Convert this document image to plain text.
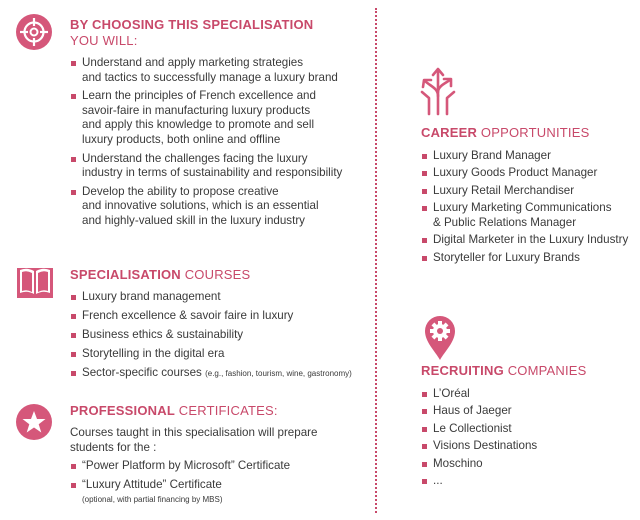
BY CHOOSING THIS SPECIALISATION
YOU WILL:
Understand and apply marketing strategies
and tactics to successfully manage a luxury brand
Learn the principles of French excellence and
savoir-faire in manufacturing luxury products
and apply this knowledge to promote and sell
luxury products, both online and offline
Understand the challenges facing the luxury
industry in terms of sustainability and responsibility
Develop the ability to propose creative
and innovative solutions, which is an essential
and highly-valued skill in the luxury industry
SPECIALISATION COURSES
Luxury brand management
French excellence & savoir faire in luxury
Business ethics & sustainability
Storytelling in the digital era
Sector-specific courses (e.g., fashion, tourism, wine, gastronomy)
PROFESSIONAL CERTIFICATES:
Courses taught in this specialisation will prepare
students for the :
“Power Platform by Microsoft” Certificate
“Luxury Attitude” Certificate
(optional, with partial financing by MBS)
CAREER OPPORTUNITIES
Luxury Brand Manager
Luxury Goods Product Manager
Luxury Retail Merchandiser
Luxury Marketing Communications
& Public Relations Manager
Digital Marketer in the Luxury Industry
Storyteller for Luxury Brands
RECRUITING COMPANIES
L’Oréal
Haus of Jaeger
Le Collectionist
Visions Destinations
Moschino
...
